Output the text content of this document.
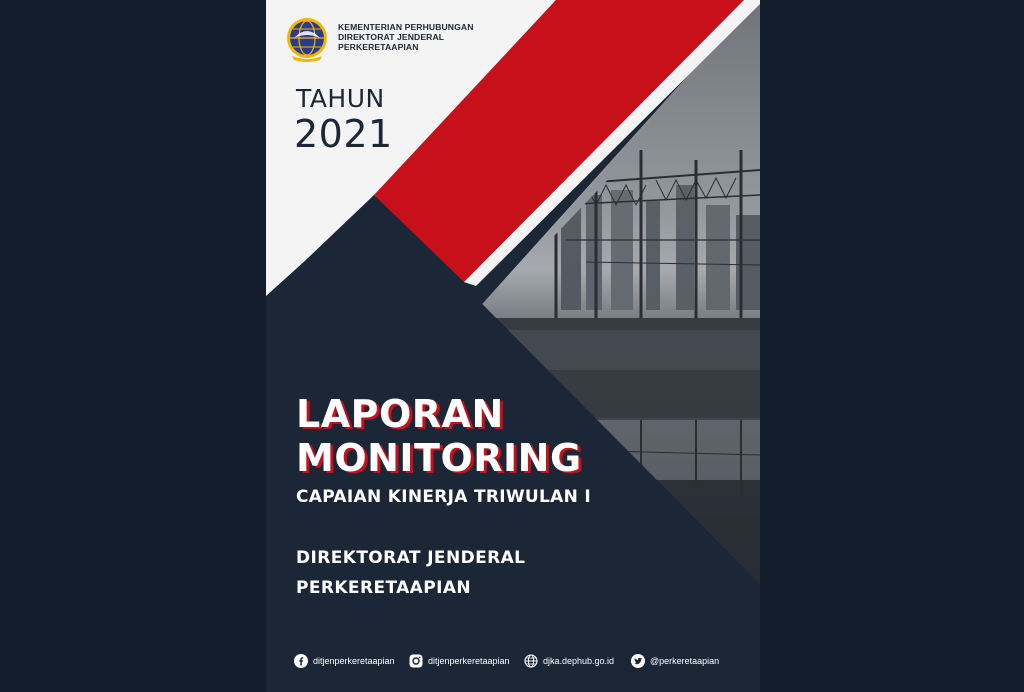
KEMENTERIAN PERHUBUNGAN
DIREKTORAT JENDERAL
PERKERETAAPIAN
TAHUN
2021
LAPORAN
MONITORING
CAPAIAN KINERJA TRIWULAN I
DIREKTORAT JENDERAL
PERKERETAAPIAN
ditjenperkeretaapian	ditjenperkeretaapian	djka.dephub.go.id	@perkeretaapian
